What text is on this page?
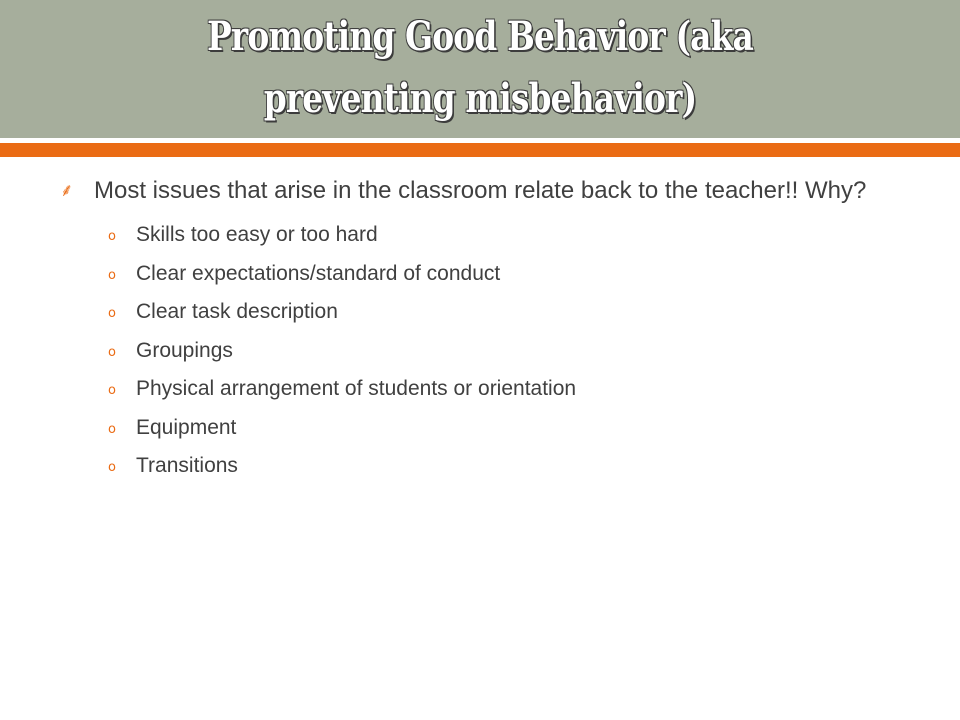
Promoting Good Behavior (aka preventing misbehavior)
⸙ Most issues that arise in the classroom relate back to the teacher!! Why?
o Skills too easy or too hard
o Clear expectations/standard of conduct
o Clear task description
o Groupings
o Physical arrangement of students or orientation
o Equipment
o Transitions
